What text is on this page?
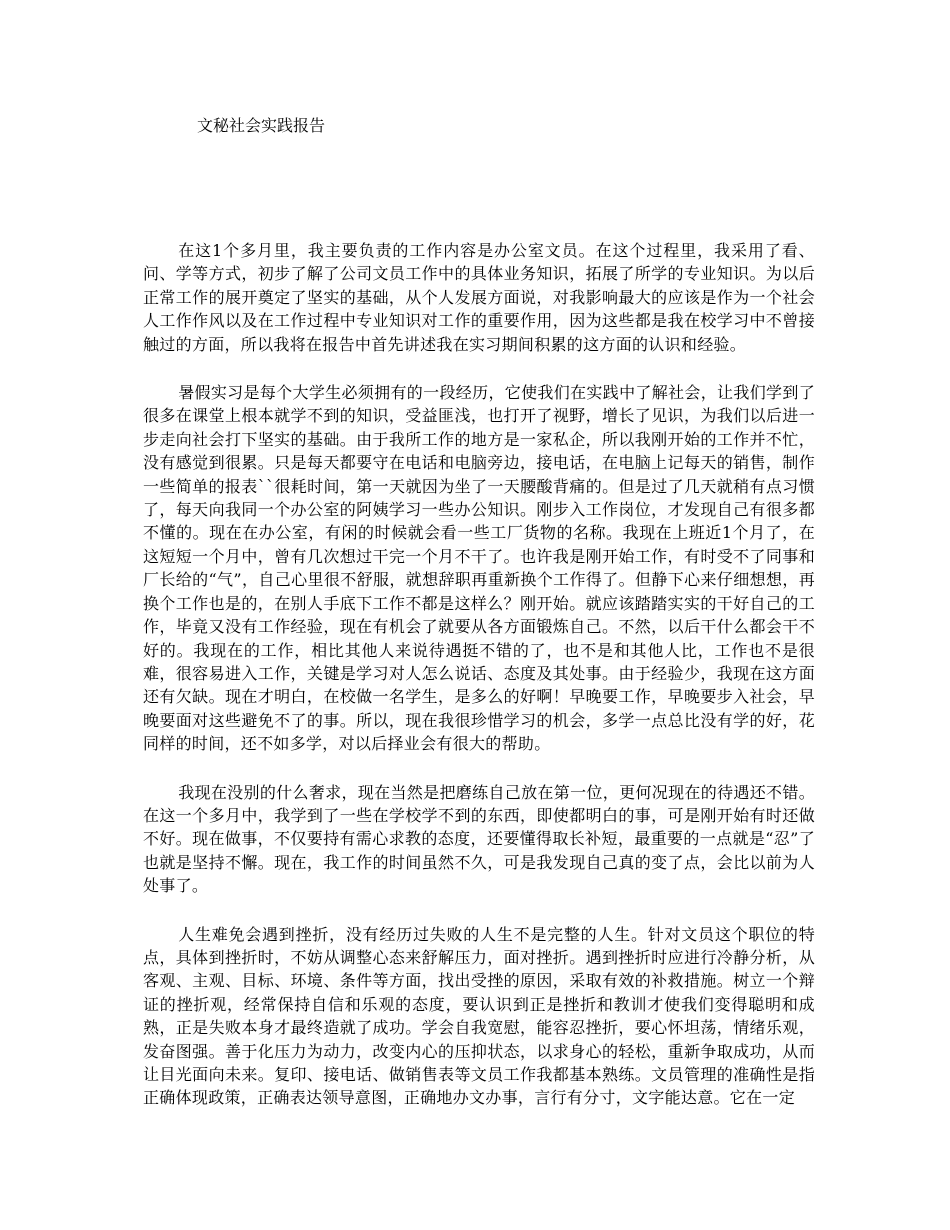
文秘社会实践报告

在这1个多月里，我主要负责的工作内容是办公室文员。在这个过程里，我采用了看、问、学等方式，初步了解了公司文员工作中的具体业务知识，拓展了所学的专业知识。为以后正常工作的展开奠定了坚实的基础，从个人发展方面说，对我影响最大的应该是作为一个社会人工作作风以及在工作过程中专业知识对工作的重要作用，因为这些都是我在校学习中不曾接触过的方面，所以我将在报告中首先讲述我在实习期间积累的这方面的认识和经验。

暑假实习是每个大学生必须拥有的一段经历，它使我们在实践中了解社会，让我们学到了很多在课堂上根本就学不到的知识，受益匪浅，也打开了视野，增长了见识，为我们以后进一步走向社会打下坚实的基础。由于我所工作的地方是一家私企，所以我刚开始的工作并不忙，没有感觉到很累。只是每天都要守在电话和电脑旁边，接电话，在电脑上记每天的销售，制作一些简单的报表``很耗时间，第一天就因为坐了一天腰酸背痛的。但是过了几天就稍有点习惯了，每天向我同一个办公室的阿姨学习一些办公知识。刚步入工作岗位，才发现自己有很多都不懂的。现在在办公室，有闲的时候就会看一些工厂货物的名称。我现在上班近1个月了，在这短短一个月中，曾有几次想过干完一个月不干了。也许我是刚开始工作，有时受不了同事和厂长给的“气”，自己心里很不舒服，就想辞职再重新换个工作得了。但静下心来仔细想想，再换个工作也是的，在别人手底下工作不都是这样么？刚开始。就应该踏踏实实的干好自己的工作，毕竟又没有工作经验，现在有机会了就要从各方面锻炼自己。不然，以后干什么都会干不好的。我现在的工作，相比其他人来说待遇挺不错的了，也不是和其他人比，工作也不是很难，很容易进入工作，关键是学习对人怎么说话、态度及其处事。由于经验少，我现在这方面还有欠缺。现在才明白，在校做一名学生，是多么的好啊！早晚要工作，早晚要步入社会，早晚要面对这些避免不了的事。所以，现在我很珍惜学习的机会，多学一点总比没有学的好，花同样的时间，还不如多学，对以后择业会有很大的帮助。

我现在没别的什么奢求，现在当然是把磨练自己放在第一位，更何况现在的待遇还不错。在这一个多月中，我学到了一些在学校学不到的东西，即使都明白的事，可是刚开始有时还做不好。现在做事，不仅要持有需心求教的态度，还要懂得取长补短，最重要的一点就是“忍”了也就是坚持不懈。现在，我工作的时间虽然不久，可是我发现自己真的变了点，会比以前为人处事了。

人生难免会遇到挫折，没有经历过失败的人生不是完整的人生。针对文员这个职位的特点，具体到挫折时，不妨从调整心态来舒解压力，面对挫折。遇到挫折时应进行冷静分析，从客观、主观、目标、环境、条件等方面，找出受挫的原因，采取有效的补救措施。树立一个辩证的挫折观，经常保持自信和乐观的态度，要认识到正是挫折和教训才使我们变得聪明和成熟，正是失败本身才最终造就了成功。学会自我宽慰，能容忍挫折，要心怀坦荡，情绪乐观，发奋图强。善于化压力为动力，改变内心的压抑状态，以求身心的轻松，重新争取成功，从而让目光面向未来。复印、接电话、做销售表等文员工作我都基本熟练。文员管理的准确性是指正确体现政策，正确表达领导意图，正确地办文办事，言行有分寸，文字能达意。它在一定
